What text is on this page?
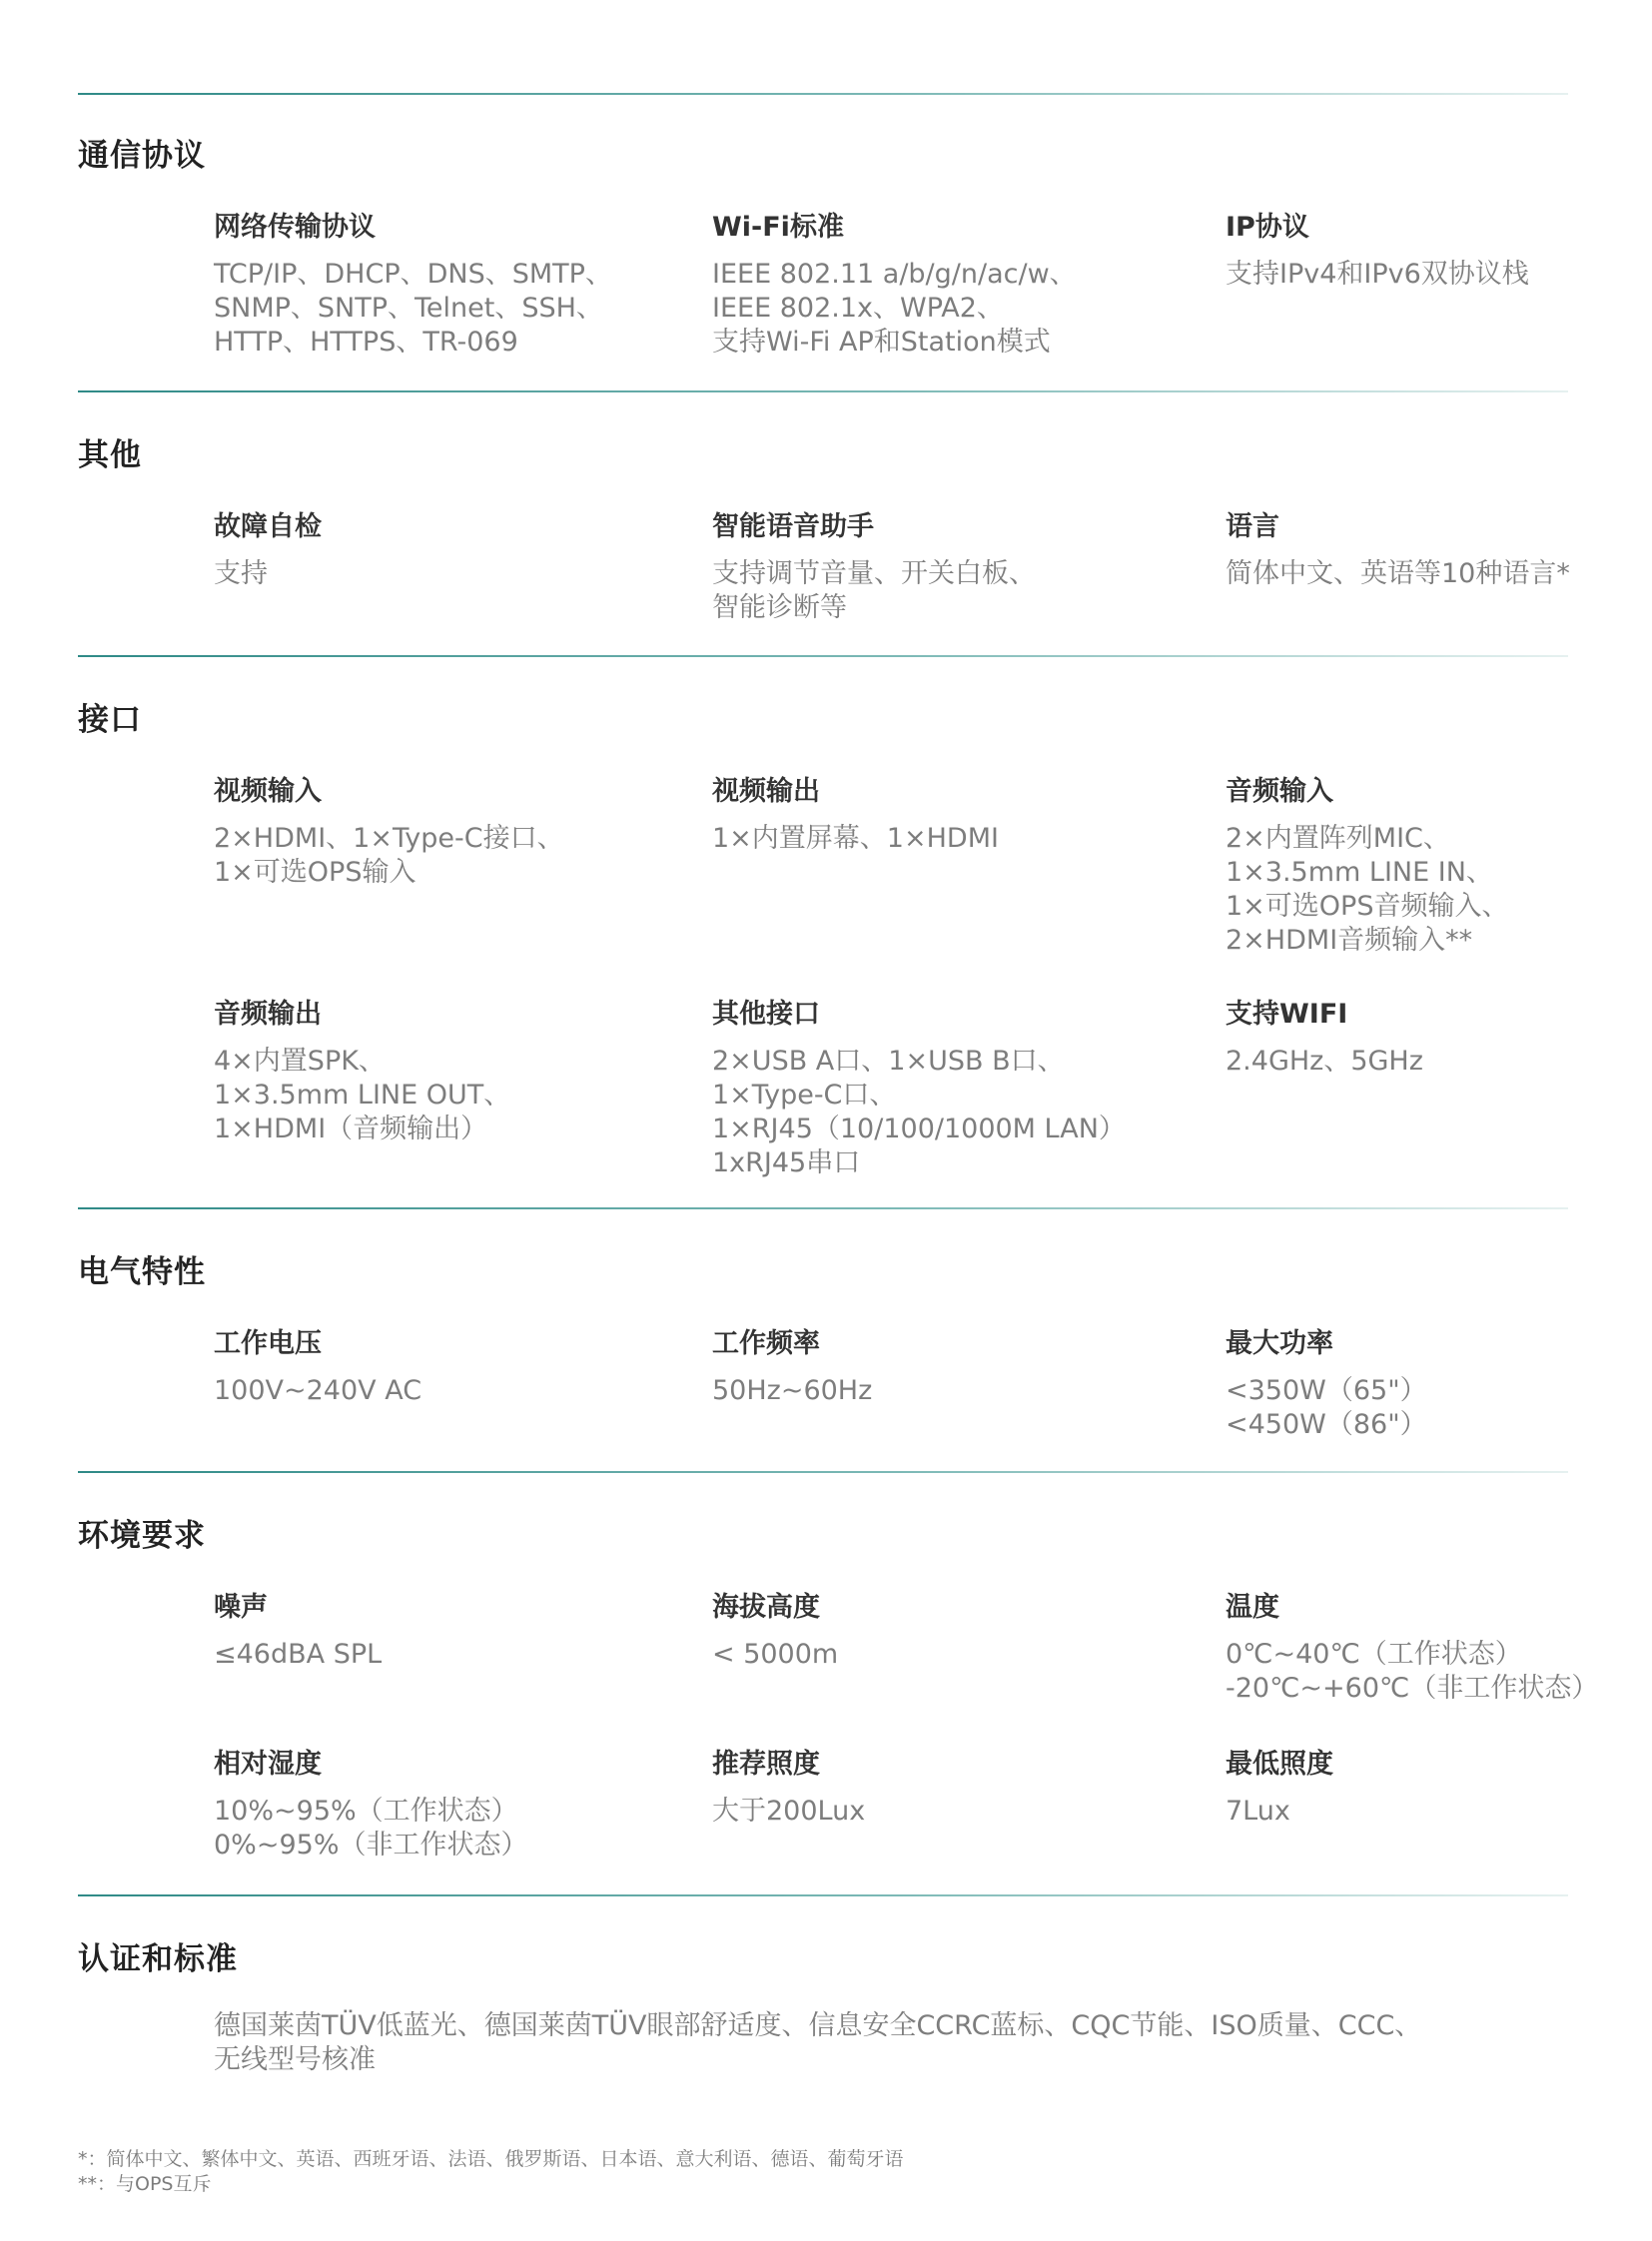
通信协议

网络传输协议

TCP/IP、DHCP、DNS、SMTP、

SNMP、SNTP、Telnet、SSH、

HTTP、HTTPS、TR-069

Wi-Fi标准

IEEE 802.11 a/b/g/n/ac/w、

IEEE 802.1x、WPA2、

支持Wi-Fi AP和Station模式

IP协议

支持IPv4和IPv6双协议栈

其他

故障自检

支持

智能语音助手

支持调节音量、开关白板、

智能诊断等

语言

简体中文、英语等10种语言*

接口

视频输入

2×HDMI、1×Type-C接口、

1×可选OPS输入

视频输出

1×内置屏幕、1×HDMI

音频输入

2×内置阵列MIC、

1×3.5mm LINE IN、

1×可选OPS音频输入、

2×HDMI音频输入**

音频输出

4×内置SPK、

1×3.5mm LINE OUT、

1×HDMI（音频输出）

其他接口

2×USB A口、1×USB B口、

1×Type-C口、

1×RJ45（10/100/1000M LAN）

1xRJ45串口

支持WIFI

2.4GHz、5GHz

电气特性

工作电压

100V~240V AC

工作频率

50Hz~60Hz

最大功率

<350W（65"）

<450W（86"）

环境要求

噪声

≤46dBA SPL

海拔高度

< 5000m

温度

0℃~40℃（工作状态）

-20℃~+60℃（非工作状态）

相对湿度

10%~95%（工作状态）

0%~95%（非工作状态）

推荐照度

大于200Lux

最低照度

7Lux

认证和标准

德国莱茵TÜV低蓝光、德国莱茵TÜV眼部舒适度、信息安全CCRC蓝标、CQC节能、ISO质量、CCC、

无线型号核准

*：简体中文、繁体中文、英语、西班牙语、法语、俄罗斯语、日本语、意大利语、德语、葡萄牙语

**：与OPS互斥
